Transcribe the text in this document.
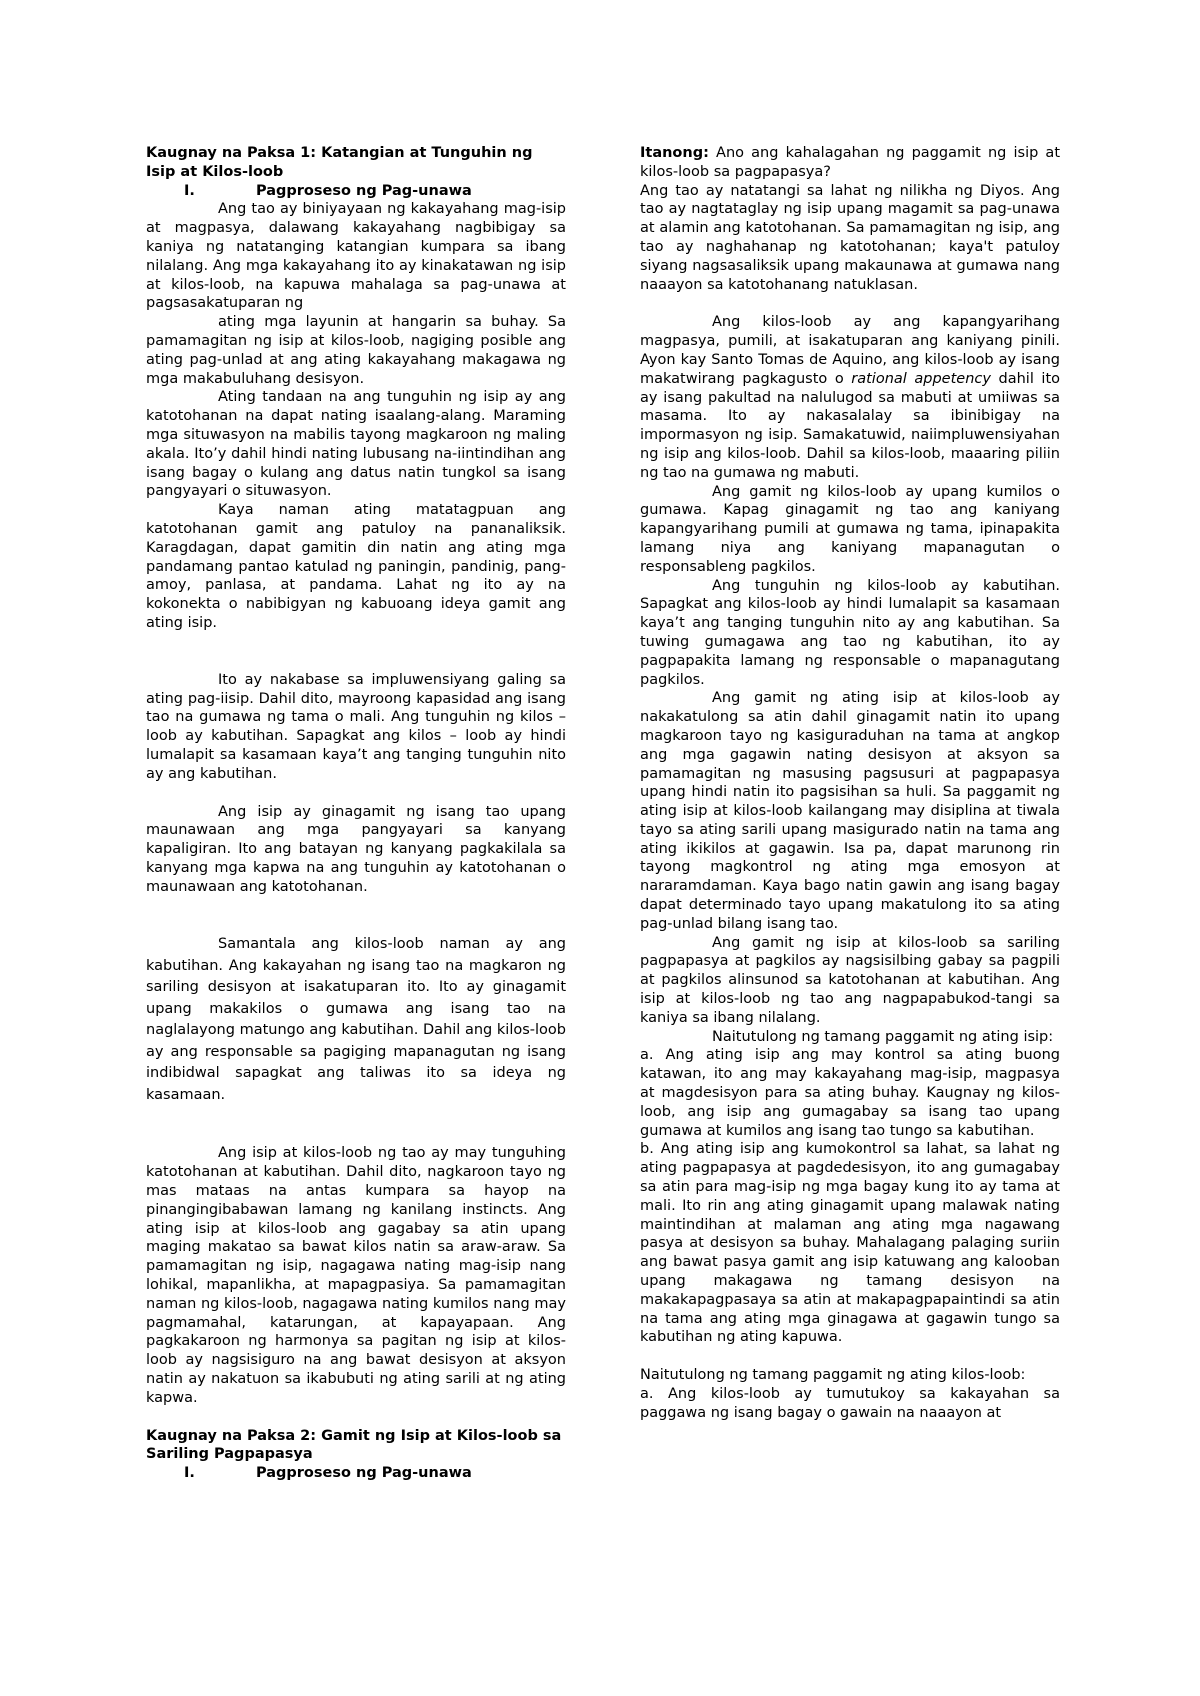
Kaugnay na Paksa 1: Katangian at Tunguhin ng Isip at Kilos-loob

I.	Pagproseso ng Pag-unawa

Ang tao ay biniyayaan ng kakayahang mag-isip at magpasya, dalawang kakayahang nagbibigay sa kaniya ng natatanging katangian kumpara sa ibang nilalang. Ang mga kakayahang ito ay kinakatawan ng isip at kilos-loob, na kapuwa mahalaga sa pag-unawa at pagsasakatuparan ng

ating mga layunin at hangarin sa buhay. Sa pamamagitan ng isip at kilos-loob, nagiging posible ang ating pag-unlad at ang ating kakayahang makagawa ng mga makabuluhang desisyon.

Ating tandaan na ang tunguhin ng isip ay ang katotohanan na dapat nating isaalang-alang. Maraming mga situwasyon na mabilis tayong magkaroon ng maling akala. Ito’y dahil hindi nating lubusang na-iintindihan ang isang bagay o kulang ang datus natin tungkol sa isang pangyayari o situwasyon.

Kaya naman ating matatagpuan ang katotohanan gamit ang patuloy na pananaliksik. Karagdagan, dapat gamitin din natin ang ating mga pandamang pantao katulad ng paningin, pandinig, pang-amoy, panlasa, at pandama. Lahat ng ito ay na kokonekta o nabibigyan ng kabuoang ideya gamit ang ating isip.

Ito ay nakabase sa impluwensiyang galing sa ating pag-iisip. Dahil dito, mayroong kapasidad ang isang tao na gumawa ng tama o mali. Ang tunguhin ng kilos – loob ay kabutihan. Sapagkat ang kilos – loob ay hindi lumalapit sa kasamaan kaya’t ang tanging tunguhin nito ay ang kabutihan.

Ang isip ay ginagamit ng isang tao upang maunawaan ang mga pangyayari sa kanyang kapaligiran. Ito ang batayan ng kanyang pagkakilala sa kanyang mga kapwa na ang tunguhin ay katotohanan o maunawaan ang katotohanan.

Samantala ang kilos-loob naman ay ang kabutihan. Ang kakayahan ng isang tao na magkaron ng sariling desisyon at isakatuparan ito. Ito ay ginagamit upang makakilos o gumawa ang isang tao na naglalayong matungo ang kabutihan. Dahil ang kilos-loob ay ang responsable sa pagiging mapanagutan ng isang indibidwal sapagkat ang taliwas ito sa ideya ng kasamaan.

Ang isip at kilos-loob ng tao ay may tunguhing katotohanan at kabutihan. Dahil dito, nagkaroon tayo ng mas mataas na antas kumpara sa hayop na pinangingibabawan lamang ng kanilang instincts. Ang ating isip at kilos-loob ang gagabay sa atin upang maging makatao sa bawat kilos natin sa araw-araw. Sa pamamagitan ng isip, nagagawa nating mag-isip nang lohikal, mapanlikha, at mapagpasiya. Sa pamamagitan naman ng kilos-loob, nagagawa nating kumilos nang may pagmamahal, katarungan, at kapayapaan. Ang pagkakaroon ng harmonya sa pagitan ng isip at kilos-loob ay nagsisiguro na ang bawat desisyon at aksyon natin ay nakatuon sa ikabubuti ng ating sarili at ng ating kapwa.

Kaugnay na Paksa 2: Gamit ng Isip at Kilos-loob sa Sariling Pagpapasya

I.	Pagproseso ng Pag-unawa

Itanong: Ano ang kahalagahan ng paggamit ng isip at kilos-loob sa pagpapasya?

Ang tao ay natatangi sa lahat ng nilikha ng Diyos. Ang tao ay nagtataglay ng isip upang magamit sa pag-unawa at alamin ang katotohanan. Sa pamamagitan ng isip, ang tao ay naghahanap ng katotohanan; kaya't patuloy siyang nagsasaliksik upang makaunawa at gumawa nang naaayon sa katotohanang natuklasan.

Ang kilos-loob ay ang kapangyarihang magpasya, pumili, at isakatuparan ang kaniyang pinili. Ayon kay Santo Tomas de Aquino, ang kilos-loob ay isang makatwirang pagkagusto o rational appetency dahil ito ay isang pakultad na nalulugod sa mabuti at umiiwas sa masama. Ito ay nakasalalay sa ibinibigay na impormasyon ng isip. Samakatuwid, naiimpluwensiyahan ng isip ang kilos-loob. Dahil sa kilos-loob, maaaring piliin ng tao na gumawa ng mabuti.

Ang gamit ng kilos-loob ay upang kumilos o gumawa. Kapag ginagamit ng tao ang kaniyang kapangyarihang pumili at gumawa ng tama, ipinapakita lamang niya ang kaniyang mapanagutan o responsableng pagkilos.

Ang tunguhin ng kilos-loob ay kabutihan. Sapagkat ang kilos-loob ay hindi lumalapit sa kasamaan kaya’t ang tanging tunguhin nito ay ang kabutihan. Sa tuwing gumagawa ang tao ng kabutihan, ito ay pagpapakita lamang ng responsable o mapanagutang pagkilos.

Ang gamit ng ating isip at kilos-loob ay nakakatulong sa atin dahil ginagamit natin ito upang magkaroon tayo ng kasiguraduhan na tama at angkop ang mga gagawin nating desisyon at aksyon sa pamamagitan ng masusing pagsusuri at pagpapasya upang hindi natin ito pagsisihan sa huli. Sa paggamit ng ating isip at kilos-loob kailangang may disiplina at tiwala tayo sa ating sarili upang masigurado natin na tama ang ating ikikilos at gagawin. Isa pa, dapat marunong rin tayong magkontrol ng ating mga emosyon at nararamdaman. Kaya bago natin gawin ang isang bagay dapat determinado tayo upang makatulong ito sa ating pag-unlad bilang isang tao.

Ang gamit ng isip at kilos-loob sa sariling pagpapasya at pagkilos ay nagsisilbing gabay sa pagpili at pagkilos alinsunod sa katotohanan at kabutihan. Ang isip at kilos-loob ng tao ang nagpapabukod-tangi sa kaniya sa ibang nilalang.

Naitutulong ng tamang paggamit ng ating isip:

a. Ang ating isip ang may kontrol sa ating buong katawan, ito ang may kakayahang mag-isip, magpasya at magdesisyon para sa ating buhay. Kaugnay ng kilos-loob, ang isip ang gumagabay sa isang tao upang gumawa at kumilos ang isang tao tungo sa kabutihan.

b. Ang ating isip ang kumokontrol sa lahat, sa lahat ng ating pagpapasya at pagdedesisyon, ito ang gumagabay sa atin para mag-isip ng mga bagay kung ito ay tama at mali. Ito rin ang ating ginagamit upang malawak nating maintindihan at malaman ang ating mga nagawang pasya at desisyon sa buhay. Mahalagang palaging suriin ang bawat pasya gamit ang isip katuwang ang kalooban upang makagawa ng tamang desisyon na makakapagpasaya sa atin at makapagpapaintindi sa atin na tama ang ating mga ginagawa at gagawin tungo sa kabutihan ng ating kapuwa.

Naitutulong ng tamang paggamit ng ating kilos-loob:

a. Ang kilos-loob ay tumutukoy sa kakayahan sa paggawa ng isang bagay o gawain na naaayon at
